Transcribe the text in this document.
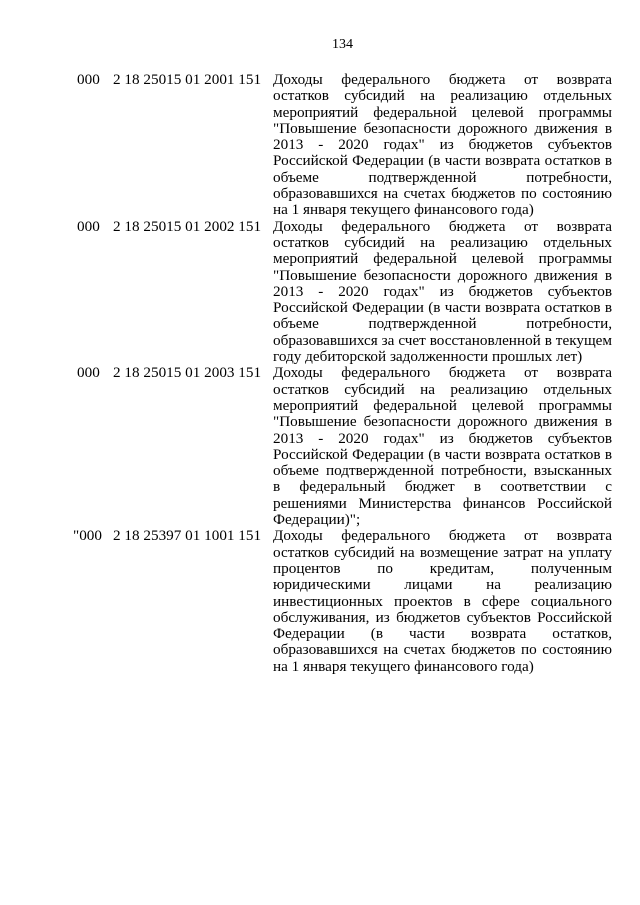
134
000 2 18 25015 01 2001 151 Доходы федерального бюджета от возврата остатков субсидий на реализацию отдельных мероприятий федеральной целевой программы "Повышение безопасности дорожного движения в 2013 - 2020 годах" из бюджетов субъектов Российской Федерации (в части возврата остатков в объеме подтвержденной потребности, образовавшихся на счетах бюджетов по состоянию на 1 января текущего финансового года)
000 2 18 25015 01 2002 151 Доходы федерального бюджета от возврата остатков субсидий на реализацию отдельных мероприятий федеральной целевой программы "Повышение безопасности дорожного движения в 2013 - 2020 годах" из бюджетов субъектов Российской Федерации (в части возврата остатков в объеме подтвержденной потребности, образовавшихся за счет восстановленной в текущем году дебиторской задолженности прошлых лет)
000 2 18 25015 01 2003 151 Доходы федерального бюджета от возврата остатков субсидий на реализацию отдельных мероприятий федеральной целевой программы "Повышение безопасности дорожного движения в 2013 - 2020 годах" из бюджетов субъектов Российской Федерации (в части возврата остатков в объеме подтвержденной потребности, взысканных в федеральный бюджет в соответствии с решениями Министерства финансов Российской Федерации)";
"000 2 18 25397 01 1001 151 Доходы федерального бюджета от возврата остатков субсидий на возмещение затрат на уплату процентов по кредитам, полученным юридическими лицами на реализацию инвестиционных проектов в сфере социального обслуживания, из бюджетов субъектов Российской Федерации (в части возврата остатков, образовавшихся на счетах бюджетов по состоянию на 1 января текущего финансового года)
